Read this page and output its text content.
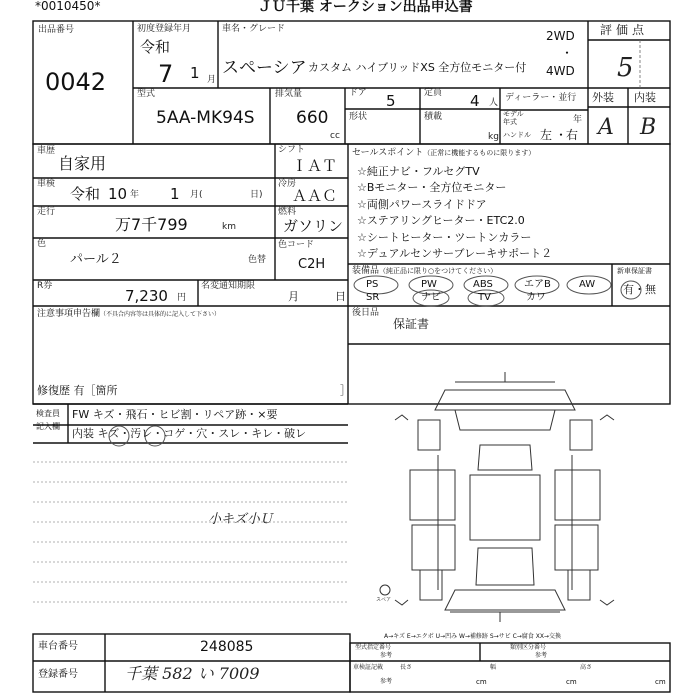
*0010450*	ＪＵ千葉 オークション出品申込書
出品番号
0042
初度登録年月
令和
7 1 月
車名・グレード
スペーシア カスタム ハイブリッドXS 全方位モニター付
2WD
・
4WD
評価点
5
外装 内装
A B
型式
5AA-MK94S
排気量
660
cc
ドア 5	定員 4 人 ディーラー・並行
形状	積載
kg
モデル
年式	年
ハンドル 左 ・
右
車歴
自家用
シフト
ＩＡＴ
冷房
ＡＡＣ
燃料
ガソリン
車検
令和 10 年 1 月(	日)
走行
万7千799	km
色
パール２	色替
色コード
C2H
R券
7,230 円
名変通知期限
月	日
セールスポイント（正常に機能するものに限ります）
☆純正ナビ・フルセグTV
☆Bモニター・全方位モニター
☆両側パワースライドドア
☆ステアリングヒーター・ETC2.0
☆シートヒーター・ツートンカラー
☆デュアルセンサーブレーキサポート２
装備品（純正品に限り○をつけてください）
PS	PW	ABS	エアB	AW
SR	ナビ	TV	カワ
新車保証書
有・無
後日品
保証書
注意事項申告欄（不具合内容等は具体的に記入して下さい）
修復歴 有［箇所	］
検査員
記入欄
FW キズ・飛石・ヒビ割・リペア跡・×要
内装 キズ・汚レ・コゲ・穴・スレ・キレ・破レ
小キズ小Ｕ
スペア
A→キズ E→エクボ U→凹み W→補修跡 S→サビ C→腐食 XX→交換
車台番号	248085
登録番号	千葉 582 い 7009
型式指定番号
参考
類別区分番号
参考
車検証記載
参考
長さ
cm
幅
cm
高さ
cm
